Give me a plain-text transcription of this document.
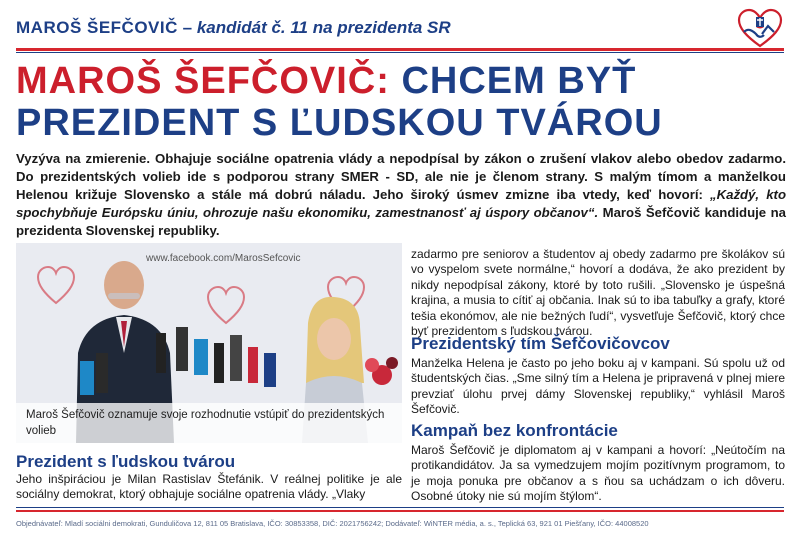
MAROŠ ŠEFČOVIČ – kandidát č. 11 na prezidenta SR
MAROŠ ŠEFČOVIČ: CHCEM BYŤ
PREZIDENT S ĽUDSKOU TVÁROU
Vyzýva na zmierenie. Obhajuje sociálne opatrenia vlády a nepodpísal by zákon o zrušení vlakov alebo obedov zadarmo. Do prezidentských volieb ide s podporou strany SMER - SD, ale nie je členom strany. S malým tímom a manželkou Helenou križuje Slovensko a stále má dobrú náladu. Jeho široký úsmev zmizne iba vtedy, keď hovorí: „Každý, kto spochybňuje Európsku úniu, ohrozuje našu ekonomiku, zamestnanosť aj úspory občanov“. Maroš Šefčovič kandiduje na prezidenta Slovenskej republiky.
www.facebook.com/MarosSefcovic
Maroš Šefčovič oznamuje svoje rozhodnutie vstúpiť do prezidentských volieb
Prezident s ľudskou tvárou
Jeho inšpiráciou je Milan Rastislav Štefánik. V reálnej politike je ale sociálny demokrat, ktorý obhajuje sociálne opatrenia vlády. „Vlaky
zadarmo pre seniorov a študentov aj obedy zadarmo pre školákov sú vo vyspelom svete normálne,“ hovorí a dodáva, že ako prezident by nikdy nepodpísal zákony, ktoré by toto rušili. „Slovensko je úspešná krajina, a musia to cítiť aj občania. Inak sú to iba tabuľky a grafy, ktoré tešia ekonómov, ale nie bežných ľudí“, vysvetľuje Šefčovič, ktorý chce byť prezidentom s ľudskou tvárou.
Prezidentský tím Šefčovičovcov
Manželka Helena je často po jeho boku aj v kampani. Sú spolu už od študentských čias. „Sme silný tím a Helena je pripravená v plnej miere prevziať úlohu prvej dámy Slovenskej republiky,“ vyhlásil Maroš Šefčovič.
Kampaň bez konfrontácie
Maroš Šefčovič je diplomatom aj v kampani a hovorí: „Neútočím na protikandidátov. Ja sa vymedzujem mojím pozitívnym programom, to je moja ponuka pre občanov a s ňou sa uchádzam o ich dôveru. Osobné útoky nie sú mojím štýlom“.
Objednávateľ: Mladí sociálni demokrati, Gunduličova 12, 811 05 Bratislava, IČO: 30853358, DIČ: 2021756242; Dodávateľ: WiNTER média, a. s., Teplická 63, 921 01 Piešťany, IČO: 44008520
